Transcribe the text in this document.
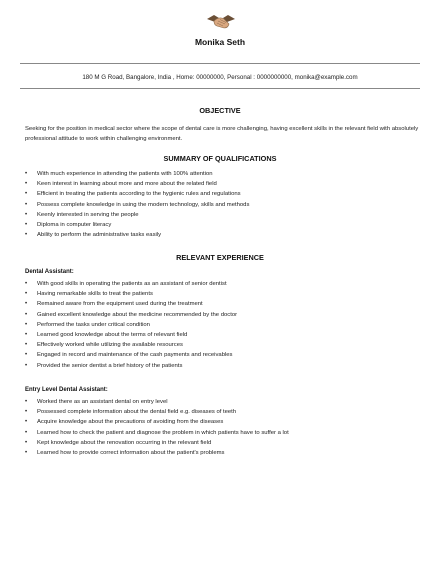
Monika Seth
180 M G Road, Bangalore, India , Home: 00000000, Personal : 0000000000, monika@example.com
OBJECTIVE

Seeking for the position in medical sector where the scope of dental care is more challenging, having excellent skills in the relevant field with absolutely professional attitude to work within challenging environment.

SUMMARY OF QUALIFICATIONS
• With much experience in attending the patients with 100% attention
• Keen interest in learning about more and more about the related field
• Efficient in treating the patients according to the hygienic rules and regulations
• Possess complete knowledge in using the modern technology, skills and methods
• Keenly interested in serving the people
• Diploma in computer literacy
• Ability to perform the administrative tasks easily
RELEVANT EXPERIENCE
Dental Assistant:
• With good skills in operating the patients as an assistant of senior dentist
• Having remarkable skills to treat the patients
• Remained aware from the equipment used during the treatment
• Gained excellent knowledge about the medicine recommended by the doctor
• Performed the tasks under critical condition
• Learned good knowledge about the terms of relevant field
• Effectively worked while utilizing the available resources
• Engaged in record and maintenance of the cash payments and receivables
• Provided the senior dentist a brief history of the patients
Entry Level Dental Assistant:
• Worked there as an assistant dental on entry level
• Possessed complete information about the dental field e.g. diseases of teeth
• Acquire knowledge about the precautions of avoiding from the diseases
• Learned how to check the patient and diagnose the problem in which patients have to suffer a lot
• Kept knowledge about the renovation occurring in the relevant field
• Learned how to provide correct information about the patient's problems
